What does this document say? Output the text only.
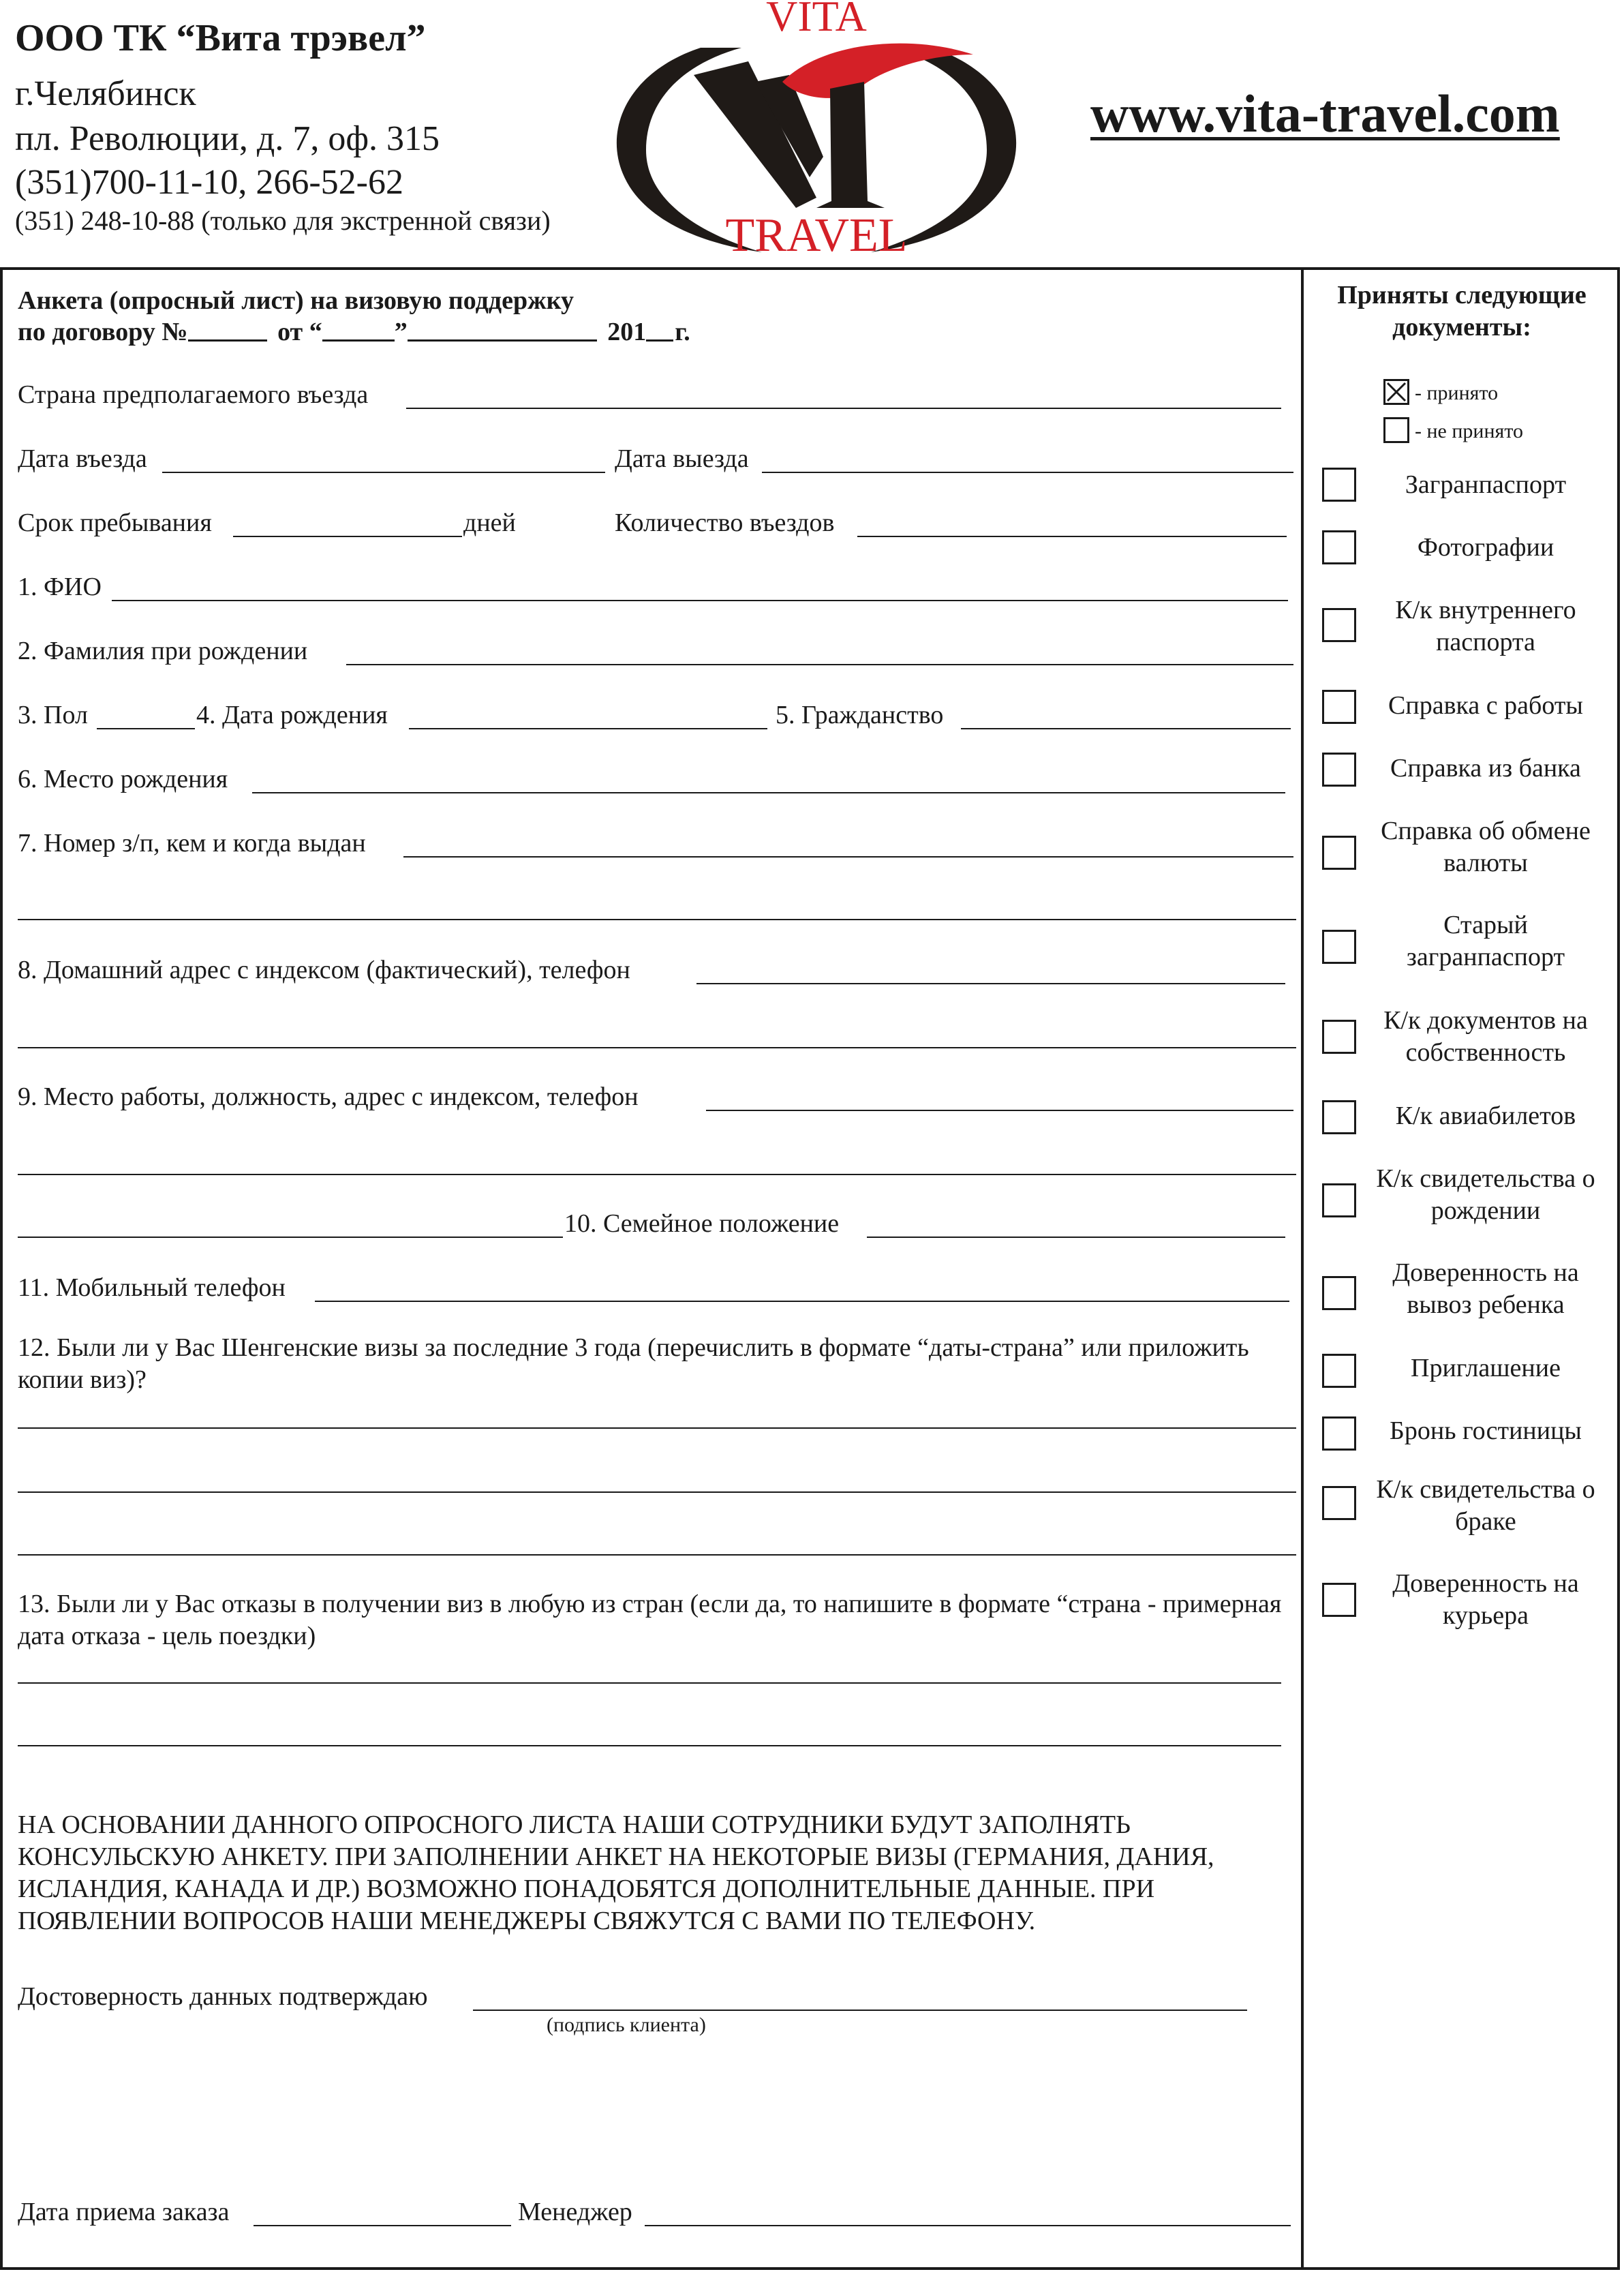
ООО ТК “Вита трэвел”
г.Челябинск
пл. Революции, д. 7, оф. 315
(351)700-11-10, 266-52-62
(351) 248-10-88 (только для экстренной связи)
VITA
TRAVEL
www.vita-travel.com
Анкета (опросный лист) на визовую поддержку
по договору №	от “	”	201 г.
Страна предполагаемого въезда
Дата въезда	Дата выезда
Срок пребывания	дней	Количество въездов
1. ФИО
2. Фамилия при рождении
3. Пол	4. Дата рождения	5. Гражданство
6. Место рождения
7. Номер з/п, кем и когда выдан
8. Домашний адрес с индексом (фактический), телефон
9. Место работы, должность, адрес с индексом, телефон
10. Семейное положение
11. Мобильный телефон
12. Были ли у Вас Шенгенские визы за последние 3 года (перечислить в формате “даты-страна” или приложить копии виз)?
13. Были ли у Вас отказы в получении виз в любую из стран (если да, то напишите в формате “страна - примерная дата отказа - цель поездки)
НА ОСНОВАНИИ ДАННОГО ОПРОСНОГО ЛИСТА НАШИ СОТРУДНИКИ БУДУТ ЗАПОЛНЯТЬ КОНСУЛЬСКУЮ АНКЕТУ. ПРИ ЗАПОЛНЕНИИ АНКЕТ НА НЕКОТОРЫЕ ВИЗЫ (ГЕРМАНИЯ, ДАНИЯ, ИСЛАНДИЯ, КАНАДА И ДР.) ВОЗМОЖНО ПОНАДОБЯТСЯ ДОПОЛНИТЕЛЬНЫЕ ДАННЫЕ. ПРИ ПОЯВЛЕНИИ ВОПРОСОВ НАШИ МЕНЕДЖЕРЫ СВЯЖУТСЯ С ВАМИ ПО ТЕЛЕФОНУ.
Достоверность данных подтверждаю
(подпись клиента)
Дата приема заказа	Менеджер
Приняты следующие документы:
- принято
- не принято
Загранпаспорт
Фотографии
К/к внутреннего паспорта
Справка с работы
Справка из банка
Справка об обмене валюты
Старый загранпаспорт
К/к документов на собственность
К/к авиабилетов
К/к свидетельства о рождении
Доверенность на вывоз ребенка
Приглашение
Бронь гостиницы
К/к свидетельства о браке
Доверенность на курьера
